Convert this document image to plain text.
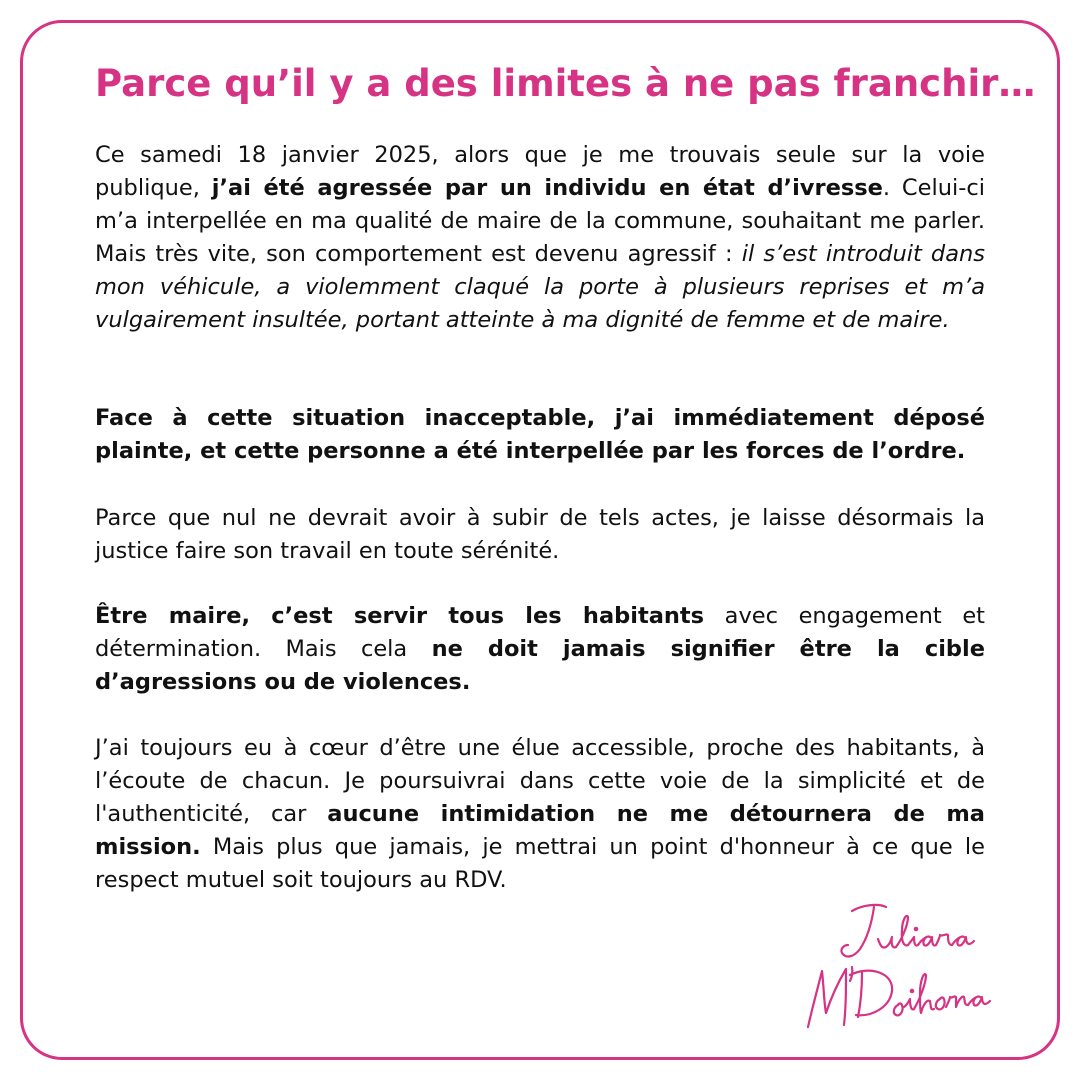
Parce qu’il y a des limites à ne pas franchir…

Ce samedi 18 janvier 2025, alors que je me trouvais seule sur la voie publique, j’ai été agressée par un individu en état d’ivresse. Celui-ci m’a interpellée en ma qualité de maire de la commune, souhaitant me parler. Mais très vite, son comportement est devenu agressif : il s’est introduit dans mon véhicule, a violemment claqué la porte à plusieurs reprises et m’a vulgairement insultée, portant atteinte à ma dignité de femme et de maire.

Face à cette situation inacceptable, j’ai immédiatement déposé plainte, et cette personne a été interpellée par les forces de l’ordre.

Parce que nul ne devrait avoir à subir de tels actes, je laisse désormais la justice faire son travail en toute sérénité.

Être maire, c’est servir tous les habitants avec engagement et détermination. Mais cela ne doit jamais signifier être la cible d’agressions ou de violences.

J’ai toujours eu à cœur d’être une élue accessible, proche des habitants, à l’écoute de chacun. Je poursuivrai dans cette voie de la simplicité et de l'authenticité, car aucune intimidation ne me détournera de ma mission. Mais plus que jamais, je mettrai un point d'honneur à ce que le respect mutuel soit toujours au RDV.
